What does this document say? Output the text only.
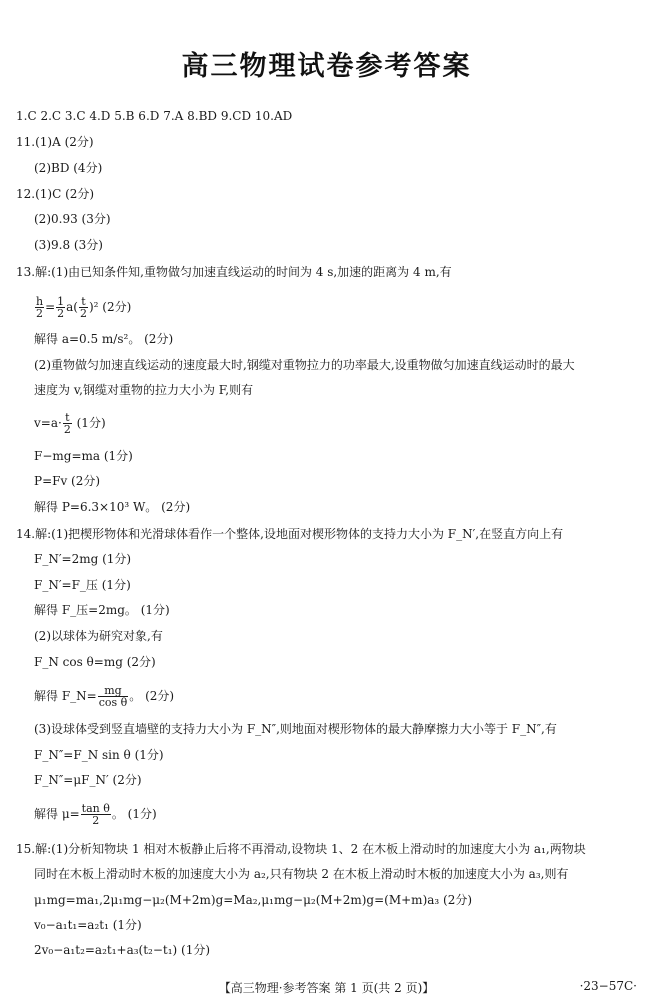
高三物理试卷参考答案
1.C 2.C 3.C 4.D 5.B 6.D 7.A 8.BD 9.CD 10.AD
11.(1)A (2分)
(2)BD (4分)
12.(1)C (2分)
(2)0.93 (3分)
(3)9.8 (3分)
13.解:(1)由已知条件知,重物做匀加速直线运动的时间为 4 s,加速的距离为 4 m,有
$\frac{h}{2} = \frac{1}{2} a( \frac{t}{2} )^2$ (2分)
解得 a=0.5 m/s²。 (2分)
(2)重物做匀加速直线运动的速度最大时,钢缆对重物拉力的功率最大,设重物做匀加速直线运动时的最大
速度为 v,钢缆对重物的拉力大小为 F,则有
$v=a\cdot \frac{t}{2} (1$分)
F−mg=ma (1分)
P=Fv (2分)
解得 P=6.3×10³ W。 (2分)
14.解:(1)把楔形物体和光滑球体看作一个整体,设地面对楔形物体的支持力大小为 F_N′,在竖直方向上有
F_N′=2mg (1分)
F_N′=F_压 (1分)
解得 F_压=2mg。 (1分)
(2)以球体为研究对象,有
F_N cos θ=mg (2分)
解得 F_N= $\frac{mg}{\text{cos θ}}$ 。 (2分)
(3)设球体受到竖直墙壁的支持力大小为 F_N″,则地面对楔形物体的最大静摩擦力大小等于 F_N″,有
F_N″=F_N sin θ (1分)
F_N″=μF_N′ (2分)
解得 $\mu= \frac{\text{tan θ}}{2}$ 。 (1分)
15.解:(1)分析知物块 1 相对木板静止后将不再滑动,设物块 1、2 在木板上滑动时的加速度大小为 a₁,两物块
同时在木板上滑动时木板的加速度大小为 a₂,只有物块 2 在木板上滑动时木板的加速度大小为 a₃,则有
μ₁mg=ma₁,2μ₁mg−μ₂(M+2m)g=Ma₂,μ₁mg−μ₂(M+2m)g=(M+m)a₃ (2分)
v₀−a₁t₁=a₂t₁ (1分)
2v₀−a₁t₂=a₂t₁+a₃(t₂−t₁) (1分)
【高三物理·参考答案 第 1 页(共 2 页)】	·23−57C·
